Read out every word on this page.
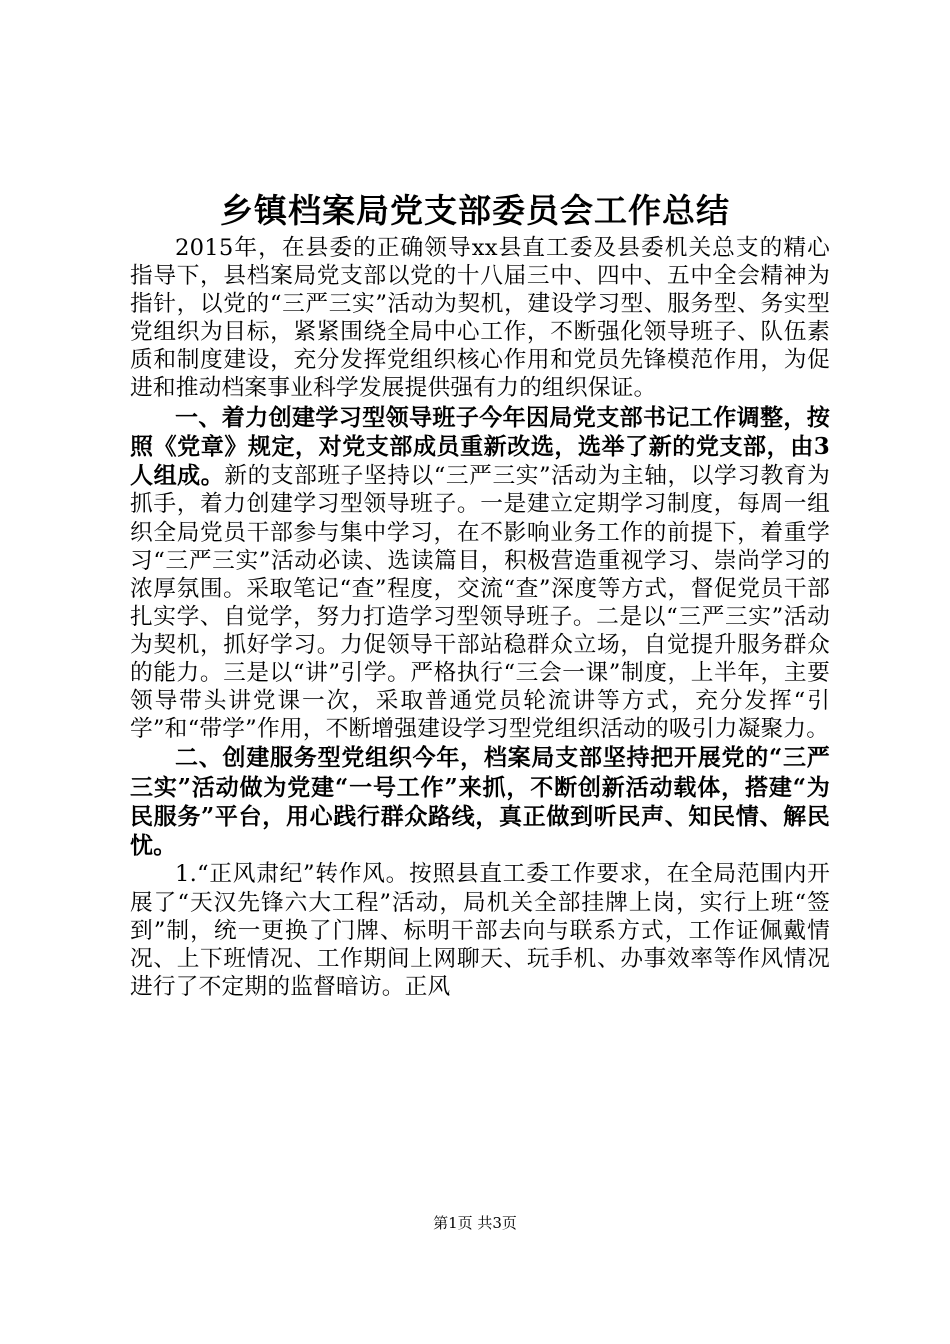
乡镇档案局党支部委员会工作总结

2015年，在县委的正确领导xx县直工委及县委机关总支的精心指导下，县档案局党支部以党的十八届三中、四中、五中全会精神为指针，以党的“三严三实”活动为契机，建设学习型、服务型、务实型党组织为目标，紧紧围绕全局中心工作，不断强化领导班子、队伍素质和制度建设，充分发挥党组织核心作用和党员先锋模范作用，为促进和推动档案事业科学发展提供强有力的组织保证。

一、着力创建学习型领导班子今年因局党支部书记工作调整，按照《党章》规定，对党支部成员重新改选，选举了新的党支部，由3人组成。新的支部班子坚持以“三严三实”活动为主轴，以学习教育为抓手，着力创建学习型领导班子。一是建立定期学习制度，每周一组织全局党员干部参与集中学习，在不影响业务工作的前提下，着重学习“三严三实”活动必读、选读篇目，积极营造重视学习、崇尚学习的浓厚氛围。采取笔记“查”程度，交流“查”深度等方式，督促党员干部扎实学、自觉学，努力打造学习型领导班子。二是以“三严三实”活动为契机，抓好学习。力促领导干部站稳群众立场，自觉提升服务群众的能力。三是以“讲”引学。严格执行“三会一课”制度，上半年，主要领导带头讲党课一次，采取普通党员轮流讲等方式，充分发挥“引学”和“带学”作用，不断增强建设学习型党组织活动的吸引力凝聚力。

二、创建服务型党组织今年，档案局支部坚持把开展党的“三严三实”活动做为党建“一号工作”来抓，不断创新活动载体，搭建“为民服务”平台，用心践行群众路线，真正做到听民声、知民情、解民忧。

1.“正风肃纪”转作风。按照县直工委工作要求，在全局范围内开展了“天汉先锋六大工程”活动，局机关全部挂牌上岗，实行上班“签到”制，统一更换了门牌、标明干部去向与联系方式，工作证佩戴情况、上下班情况、工作期间上网聊天、玩手机、办事效率等作风情况进行了不定期的监督暗访。正风

第1页 共3页
